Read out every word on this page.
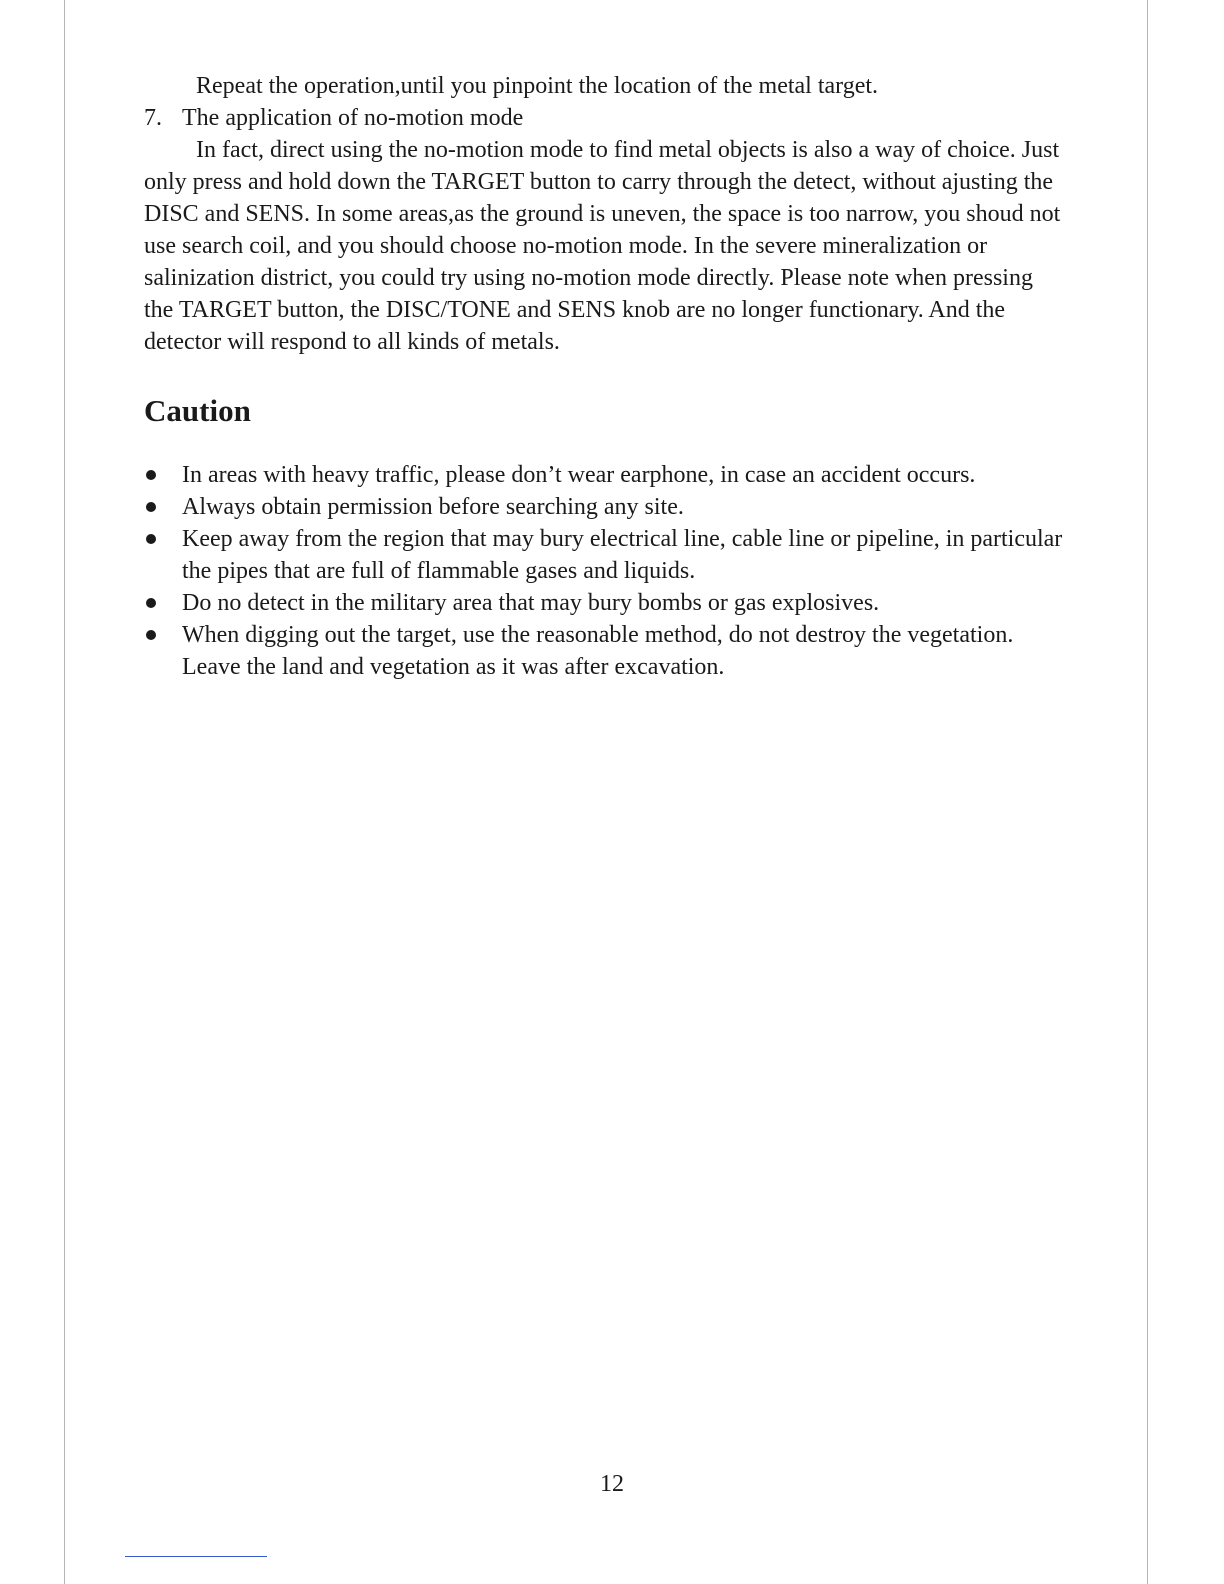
Repeat the operation,until you pinpoint the location of the metal target.

7. The application of no-motion mode

In fact, direct using the no-motion mode to find metal objects is also a way of choice. Just only press and hold down the TARGET button to carry through the detect, without ajusting the DISC and SENS. In some areas,as the ground is uneven, the space is too narrow, you shoud not use search coil, and you should choose no-motion mode. In the severe mineralization or salinization district, you could try using no-motion mode directly. Please note when pressing the TARGET button, the DISC/TONE and SENS knob are no longer functionary. And the detector will respond to all kinds of metals.

Caution
In areas with heavy traffic, please don’t wear earphone, in case an accident occurs.
Always obtain permission before searching any site.
Keep away from the region that may bury electrical line, cable line or pipeline, in particular the pipes that are full of flammable gases and liquids.
Do no detect in the military area that may bury bombs or gas explosives.
When digging out the target, use the reasonable method, do not destroy the vegetation. Leave the land and vegetation as it was after excavation.
12
